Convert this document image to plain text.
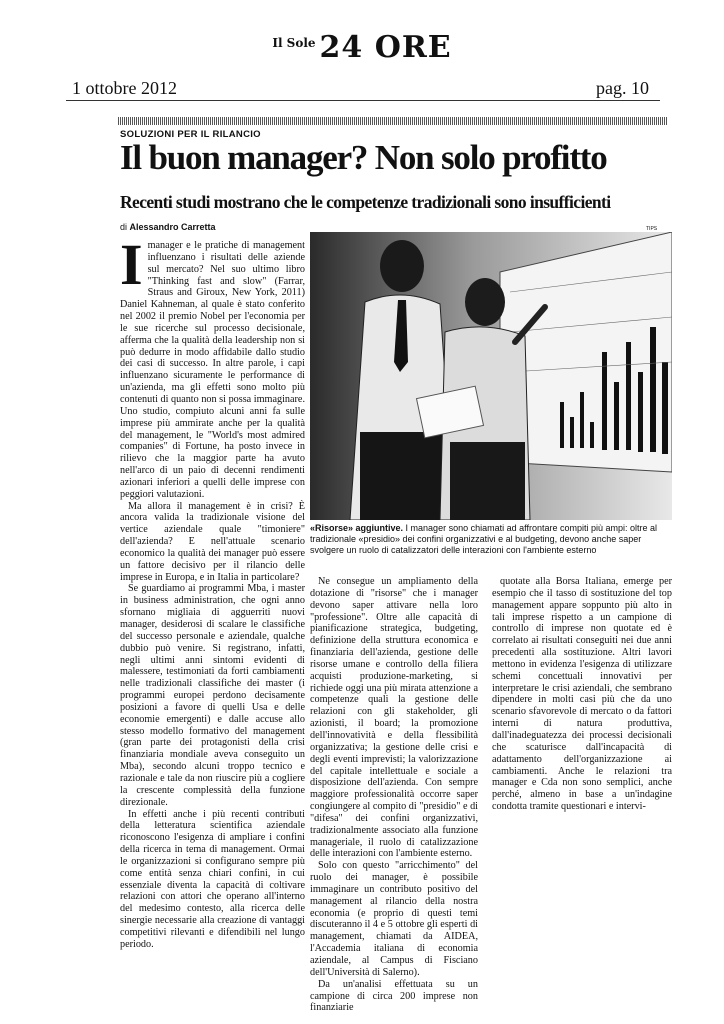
$^{Il Sole}$ 24 ORE
1 ottobre 2012	pag. 10
SOLUZIONI PER IL RILANCIO
Il buon manager? Non solo profitto
Recenti studi mostrano che le competenze tradizionali sono insufficienti
di Alessandro Carretta	TIPS

Imanager e le pratiche di management influenzano i risultati delle aziende sul mercato? Nel suo ultimo libro "Thinking fast and slow" (Farrar, Straus and Giroux, New York, 2011) Daniel Kahneman, al quale è stato conferito nel 2002 il premio Nobel per l'economia per le sue ricerche sul processo decisionale, afferma che la qualità della leadership non si può dedurre in modo affidabile dallo studio dei casi di successo. In altre parole, i capi influenzano sicuramente le performance di un'azienda, ma gli effetti sono molto più contenuti di quanto non si possa immaginare. Uno studio, compiuto alcuni anni fa sulle imprese più ammirate anche per la qualità del management, le "World's most admired companies" di Fortune, ha posto invece in rilievo che la maggior parte ha avuto nell'arco di un paio di decenni rendimenti azionari inferiori a quelli delle imprese con peggiori valutazioni.

Ma allora il management è in crisi? È ancora valida la tradizionale visione del vertice aziendale quale "timoniere" dell'azienda? E nell'attuale scenario economico la qualità dei manager può essere un fattore decisivo per il rilancio delle imprese in Europa, e in Italia in particolare?

Se guardiamo ai programmi Mba, i master in business administration, che ogni anno sfornano migliaia di agguerriti nuovi manager, desiderosi di scalare le classifiche del successo personale e aziendale, qualche dubbio può venire. Si registrano, infatti, negli ultimi anni sintomi evidenti di malessere, testimoniati da forti cambiamenti nelle tradizionali classifiche dei master (i programmi europei perdono decisamente posizioni a favore di quelli Usa e delle economie emergenti) e dalle accuse allo stesso modello formativo del management (gran parte dei protagonisti della crisi finanziaria mondiale aveva conseguito un Mba), secondo alcuni troppo tecnico e razionale e tale da non riuscire più a cogliere la crescente complessità della funzione direzionale.

In effetti anche i più recenti contributi della letteratura scientifica aziendale riconoscono l'esigenza di ampliare i confini della ricerca in tema di management. Ormai le organizzazioni si configurano sempre più come entità senza chiari confini, in cui essenziale diventa la capacità di coltivare relazioni con attori che operano all'interno del medesimo contesto, alla ricerca delle sinergie necessarie alla creazione di vantaggi competitivi rilevanti e difendibili nel lungo periodo.

«Risorse» aggiuntive. I manager sono chiamati ad affrontare compiti più ampi: oltre al tradizionale «presidio» dei confini organizzativi e al budgeting, devono anche saper svolgere un ruolo di catalizzatori delle interazioni con l'ambiente esterno

Ne consegue un ampliamento della dotazione di "risorse" che i manager devono saper attivare nella loro "professione". Oltre alle capacità di pianificazione strategica, budgeting, definizione della struttura economica e finanziaria dell'azienda, gestione delle risorse umane e controllo della filiera acquisti produzione-marketing, si richiede oggi una più mirata attenzione a competenze quali la gestione delle relazioni con gli stakeholder, gli azionisti, il board; la promozione dell'innovatività e della flessibilità organizzativa; la gestione delle crisi e degli eventi imprevisti; la valorizzazione del capitale intellettuale e sociale a disposizione dell'azienda. Con sempre maggiore professionalità occorre saper congiungere al compito di "presidio" e di "difesa" dei confini organizzativi, tradizionalmente associato alla funzione manageriale, il ruolo di catalizzazione delle interazioni con l'ambiente esterno.

Solo con questo "arricchimento" del ruolo dei manager, è possibile immaginare un contributo positivo del management al rilancio della nostra economia (e proprio di questi temi discuteranno il 4 e 5 ottobre gli esperti di management, chiamati da AIDEA, l'Accademia italiana di economia aziendale, al Campus di Fisciano dell'Università di Salerno).

Da un'analisi effettuata su un campione di circa 200 imprese non finanziarie

quotate alla Borsa Italiana, emerge per esempio che il tasso di sostituzione del top management appare soppunto più alto in tali imprese rispetto a un campione di controllo di imprese non quotate ed è correlato ai risultati conseguiti nei due anni precedenti alla sostituzione. Altri lavori mettono in evidenza l'esigenza di utilizzare schemi concettuali innovativi per interpretare le crisi aziendali, che sembrano dipendere in molti casi più che da uno scenario sfavorevole di mercato o da fattori interni di natura produttiva, dall'inadeguatezza dei processi decisionali che scaturisce dall'incapacità di adattamento dell'organizzazione ai cambiamenti. Anche le relazioni tra manager e Cda non sono semplici, anche perché, almeno in base a un'indagine condotta tramite questionari e intervi-
